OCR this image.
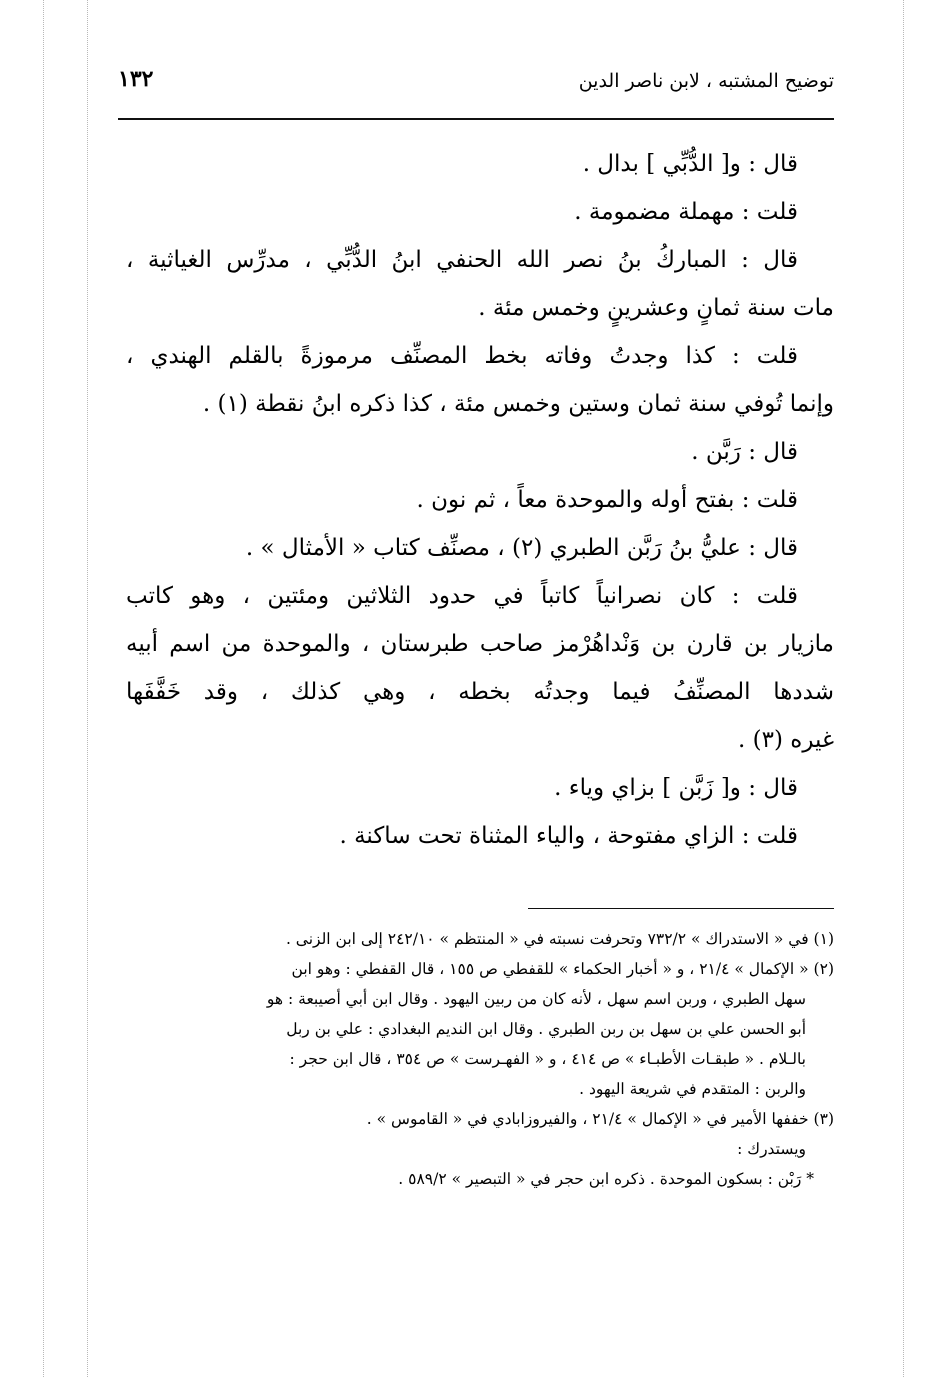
توضيح المشتبه ، لابن ناصر الدين
١٣٢
قال : و[ الدُّبِّي ] بدال .
قلت : مهملة مضمومة .
قال : المباركُ بنُ نصر الله الحنفي ابنُ الدُّبِّي ، مدرِّس الغياثية ،
مات سنة ثمانٍ وعشرينٍ وخمس مئة .
قلت : كذا وجدتُ وفاته بخط المصنِّف مرموزةً بالقلم الهندي ،
وإنما تُوفي سنة ثمان وستين وخمس مئة ، كذا ذكره ابنُ نقطة (١) .
قال : رَبَّن .
قلت : بفتح أوله والموحدة معاً ، ثم نون .
قال : عليُّ بنُ رَبَّن الطبري (٢) ، مصنِّف كتاب « الأمثال » .
قلت : كان نصرانياً كاتباً في حدود الثلاثين ومئتين ، وهو كاتب
مازيار بن قارن بن وَنْداهُرْمز صاحب طبرستان ، والموحدة من اسم أبيه
شددها المصنِّفُ فيما وجدتُه بخطه ، وهي كذلك ، وقد خَفَّفَها
غيره (٣) .
قال : و[ زَبَّن ] بزاي وياء .
قلت : الزاي مفتوحة ، والياء المثناة تحت ساكنة .
(١) في « الاستدراك » ٧٣٢/٢ وتحرفت نسبته في « المنتظم » ٢٤٢/١٠ إلى ابن الزنى .
(٢) « الإكمال » ٢١/٤ ، و « أخبار الحكماء » للقفطي ص ١٥٥ ، قال القفطي : وهو ابن
سهل الطبري ، وربن اسم سهل ، لأنه كان من ربين اليهود . وقال ابن أبي أصيبعة : هو
أبو الحسن علي بن سهل بن ربن الطبري . وقال ابن النديم البغدادي : علي بن ربل
بالـلام . « طبقـات الأطبـاء » ص ٤١٤ ، و « الفهـرست » ص ٣٥٤ ، قال ابن حجر :
والربن : المتقدم في شريعة اليهود .
(٣) خففها الأمير في « الإكمال » ٢١/٤ ، والفيروزابادي في « القاموس » .
ويستدرك :
* رَبْن : بسكون الموحدة . ذكره ابن حجر في « التبصير » ٥٨٩/٢ .
